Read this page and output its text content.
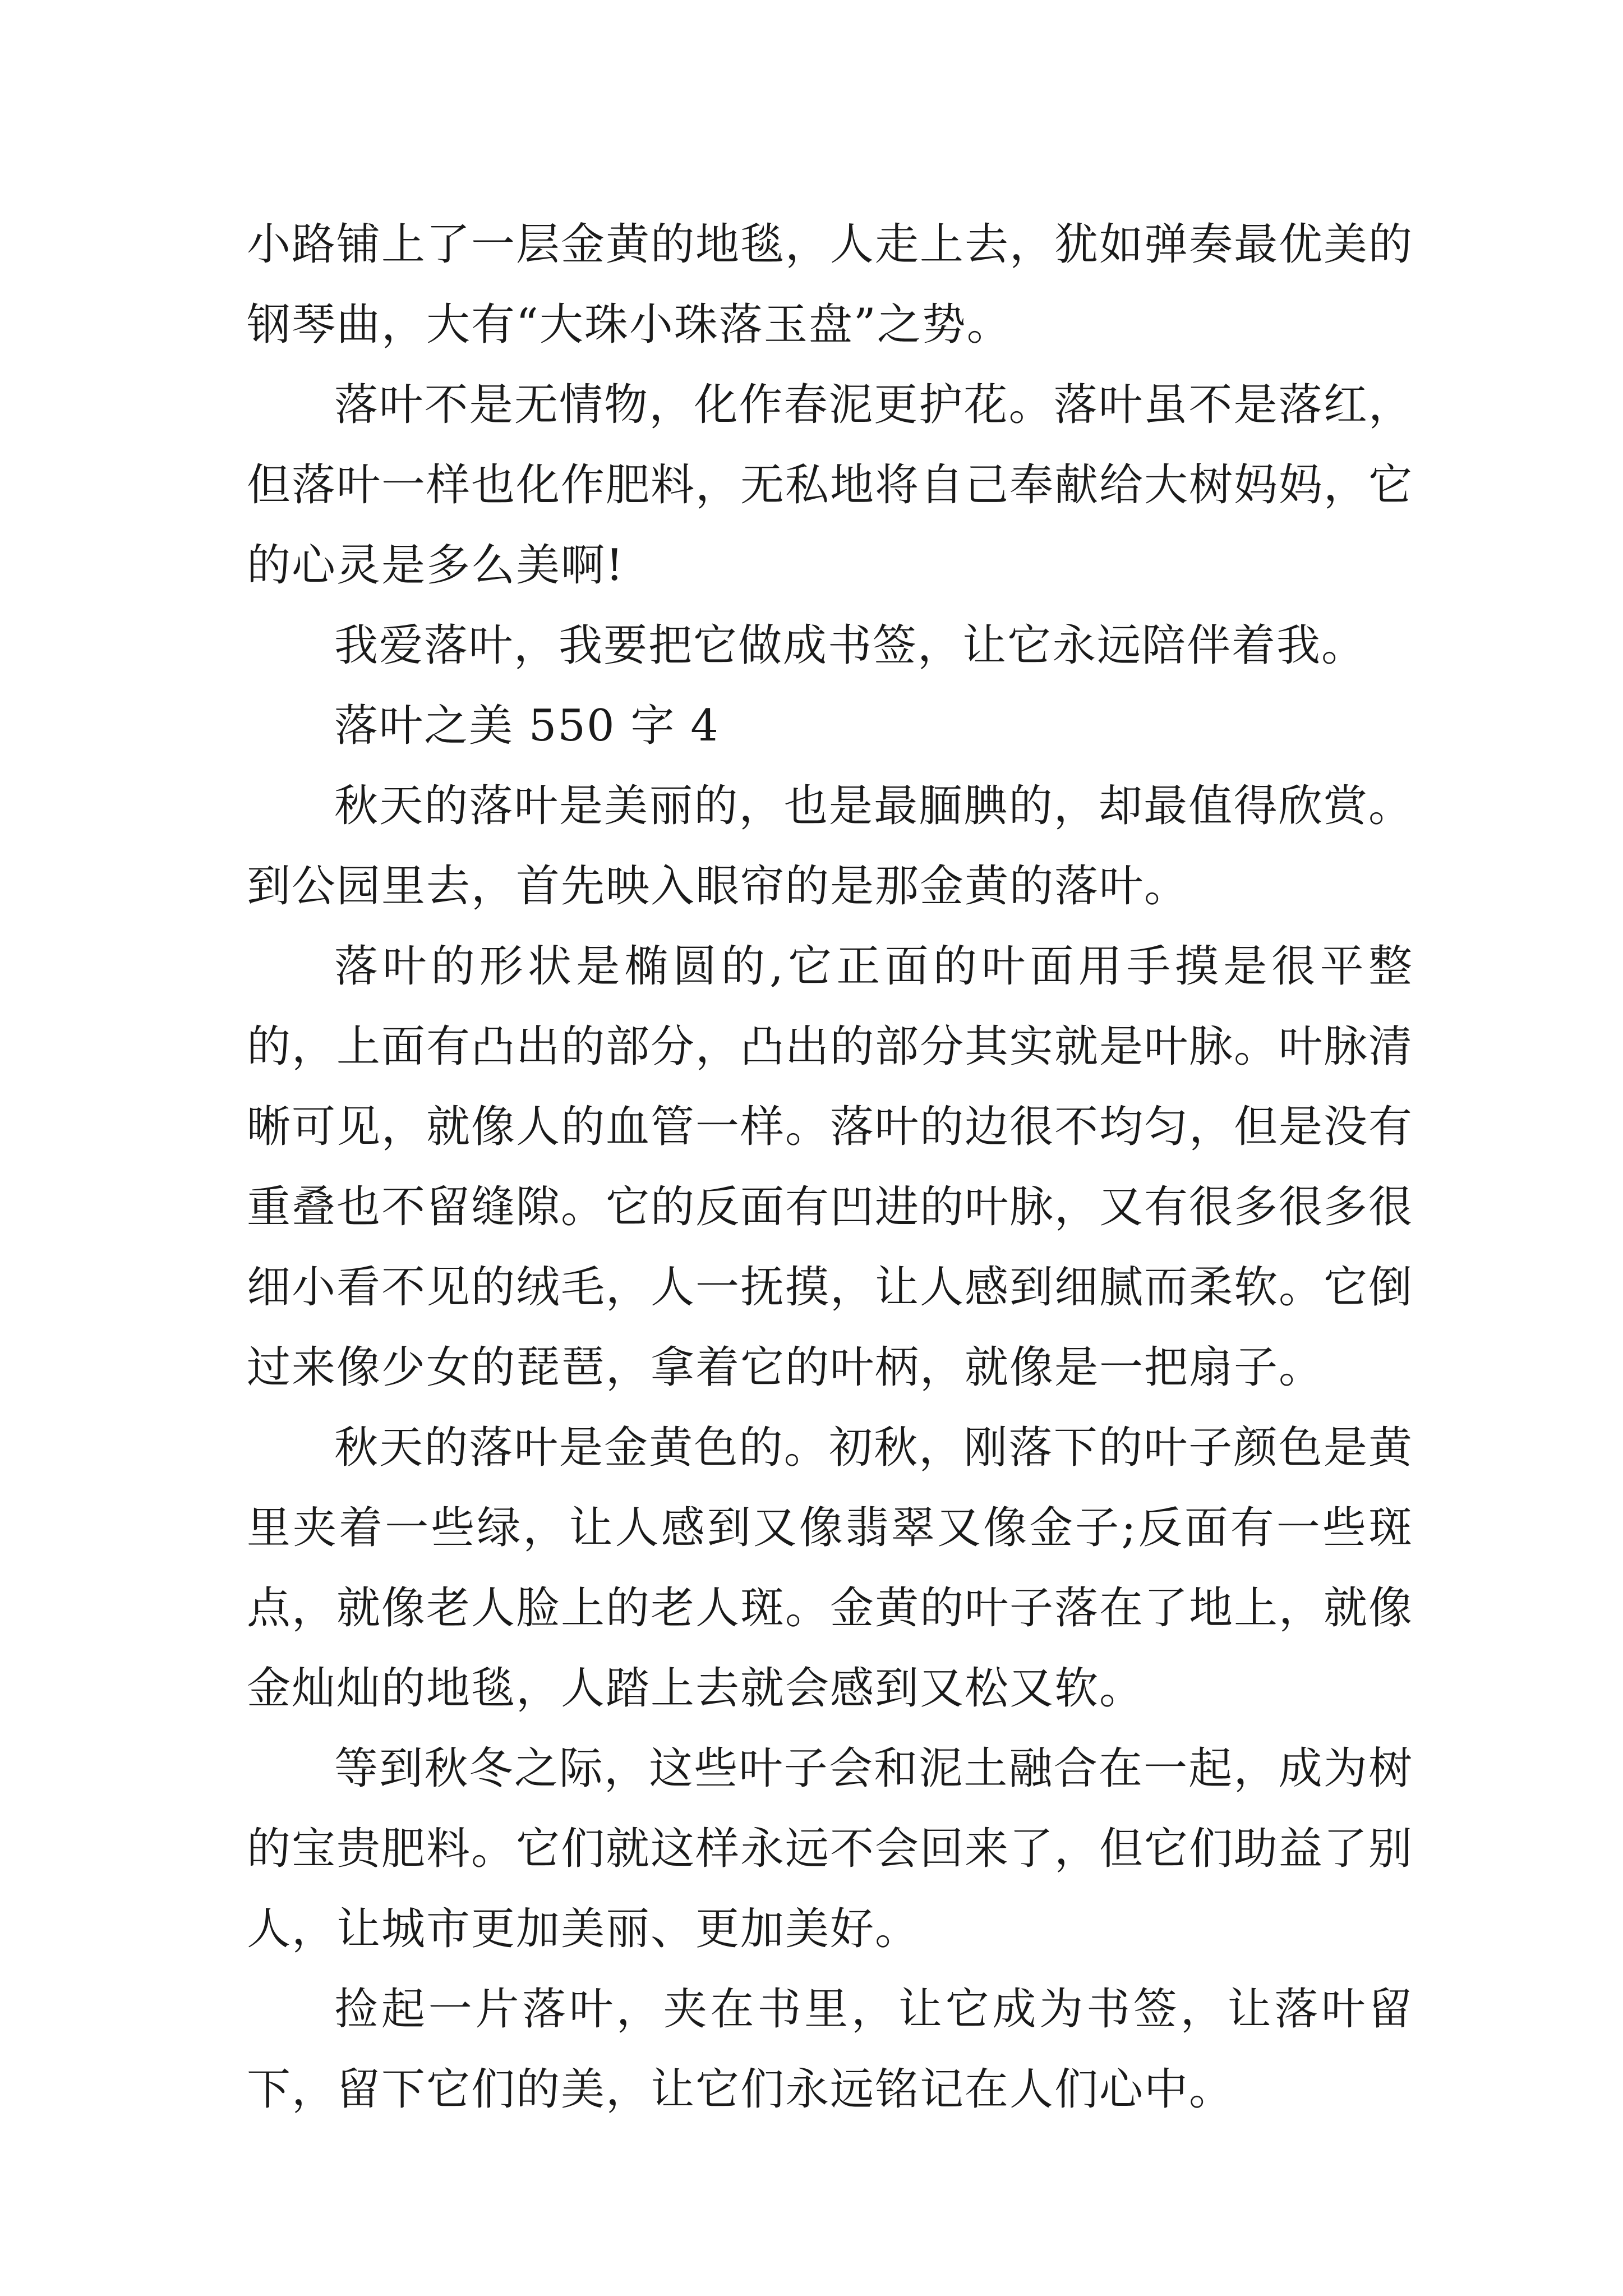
小路铺上了一层金黄的地毯，人走上去，犹如弹奏最优美的钢琴曲，大有“大珠小珠落玉盘”之势。

落叶不是无情物，化作春泥更护花。落叶虽不是落红，但落叶一样也化作肥料，无私地将自己奉献给大树妈妈，它的心灵是多么美啊!

我爱落叶，我要把它做成书签，让它永远陪伴着我。

落叶之美 550 字 4

秋天的落叶是美丽的，也是最腼腆的，却最值得欣赏。到公园里去，首先映入眼帘的是那金黄的落叶。

落叶的形状是椭圆的,它正面的叶面用手摸是很平整的，上面有凸出的部分，凸出的部分其实就是叶脉。叶脉清晰可见，就像人的血管一样。落叶的边很不均匀，但是没有重叠也不留缝隙。它的反面有凹进的叶脉，又有很多很多很细小看不见的绒毛，人一抚摸，让人感到细腻而柔软。它倒过来像少女的琵琶，拿着它的叶柄，就像是一把扇子。

秋天的落叶是金黄色的。初秋，刚落下的叶子颜色是黄里夹着一些绿，让人感到又像翡翠又像金子;反面有一些斑点，就像老人脸上的老人斑。金黄的叶子落在了地上，就像金灿灿的地毯，人踏上去就会感到又松又软。

等到秋冬之际，这些叶子会和泥土融合在一起，成为树的宝贵肥料。它们就这样永远不会回来了，但它们助益了别人，让城市更加美丽、更加美好。

捡起一片落叶，夹在书里，让它成为书签，让落叶留下，留下它们的美，让它们永远铭记在人们心中。
